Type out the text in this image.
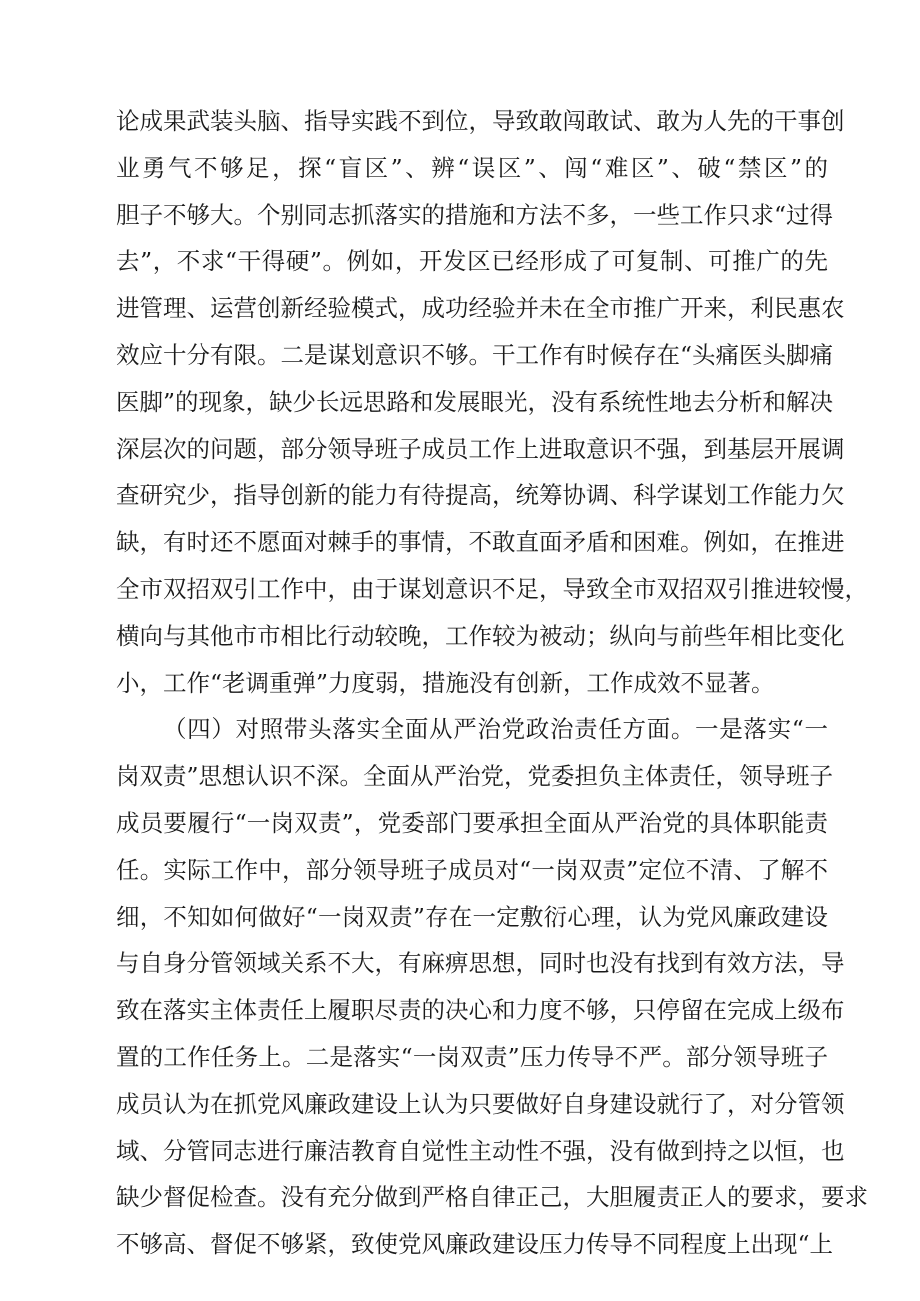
论成果武装头脑、指导实践不到位，导致敢闯敢试、敢为人先的干事创
业勇气不够足，探“盲区”、辨“误区”、闯“难区”、破“禁区”的
胆子不够大。个别同志抓落实的措施和方法不多，一些工作只求“过得
去”，不求“干得硬”。例如，开发区已经形成了可复制、可推广的先
进管理、运营创新经验模式，成功经验并未在全市推广开来，利民惠农
效应十分有限。二是谋划意识不够。干工作有时候存在“头痛医头脚痛
医脚”的现象，缺少长远思路和发展眼光，没有系统性地去分析和解决
深层次的问题，部分领导班子成员工作上进取意识不强，到基层开展调
查研究少，指导创新的能力有待提高，统筹协调、科学谋划工作能力欠
缺，有时还不愿面对棘手的事情，不敢直面矛盾和困难。例如，在推进
全市双招双引工作中，由于谋划意识不足，导致全市双招双引推进较慢，
横向与其他市市相比行动较晚，工作较为被动；纵向与前些年相比变化
小，工作“老调重弹”力度弱，措施没有创新，工作成效不显著。
（四）对照带头落实全面从严治党政治责任方面。一是落实“一
岗双责”思想认识不深。全面从严治党，党委担负主体责任，领导班子
成员要履行“一岗双责”，党委部门要承担全面从严治党的具体职能责
任。实际工作中，部分领导班子成员对“一岗双责”定位不清、了解不
细，不知如何做好“一岗双责”存在一定敷衍心理，认为党风廉政建设
与自身分管领域关系不大，有麻痹思想，同时也没有找到有效方法，导
致在落实主体责任上履职尽责的决心和力度不够，只停留在完成上级布
置的工作任务上。二是落实“一岗双责”压力传导不严。部分领导班子
成员认为在抓党风廉政建设上认为只要做好自身建设就行了，对分管领
域、分管同志进行廉洁教育自觉性主动性不强，没有做到持之以恒，也
缺少督促检查。没有充分做到严格自律正己，大胆履责正人的要求，要求
不够高、督促不够紧，致使党风廉政建设压力传导不同程度上出现“上
